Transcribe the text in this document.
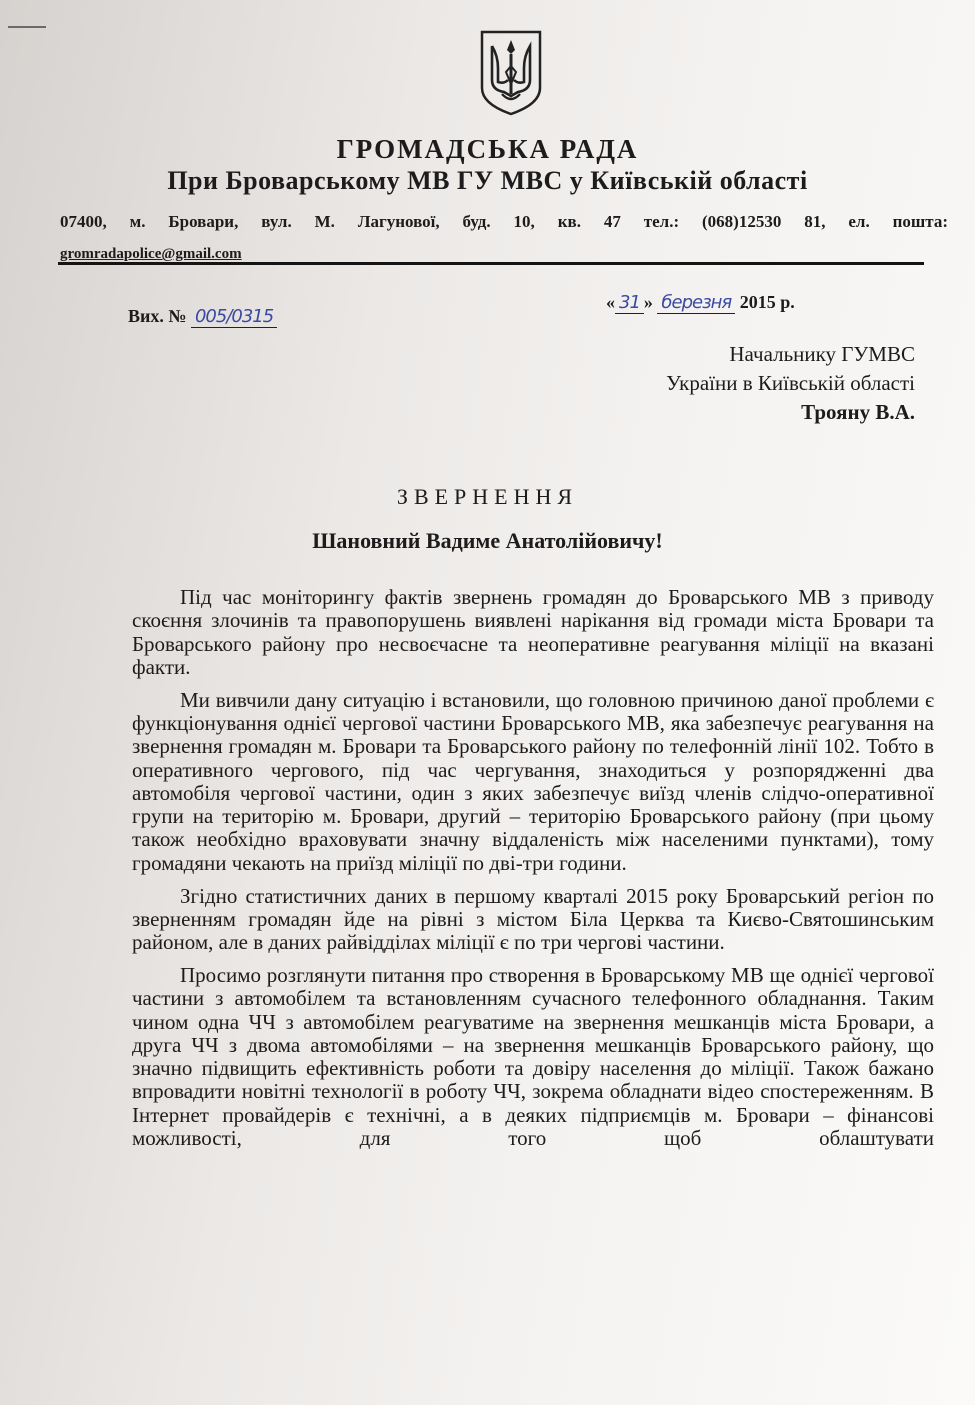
ГРОМАДСЬКА РАДА
При Броварському МВ ГУ МВС у Київській області
07400, м. Бровари, вул. М. Лагунової, буд. 10, кв. 47 тел.: (068)12530 81, ел. пошта:
gromradapolice@gmail.com
Вих. № 005/0315
« 31 » березня 2015 р.
Начальнику ГУМВС
України в Київській області
Трояну В.А.
ЗВЕРНЕННЯ
Шановний Вадиме Анатолійовичу!

Під час моніторингу фактів звернень громадян до Броварського МВ з приводу скоєння злочинів та правопорушень виявлені нарікання від громади міста Бровари та Броварського району про несвоєчасне та неоперативне реагування міліції на вказані факти.

Ми вивчили дану ситуацію і встановили, що головною причиною даної проблеми є функціонування однієї чергової частини Броварського МВ, яка забезпечує реагування на звернення громадян м. Бровари та Броварського району по телефонній лінії 102. Тобто в оперативного чергового, під час чергування, знаходиться у розпорядженні два автомобіля чергової частини, один з яких забезпечує виїзд членів слідчо-оперативної групи на територію м. Бровари, другий – територію Броварського району (при цьому також необхідно враховувати значну віддаленість між населеними пунктами), тому громадяни чекають на приїзд міліції по дві-три години.

Згідно статистичних даних в першому кварталі 2015 року Броварський регіон по зверненням громадян йде на рівні з містом Біла Церква та Києво-Святошинським районом, але в даних райвідділах міліції є по три чергові частини.

Просимо розглянути питання про створення в Броварському МВ ще однієї чергової частини з автомобілем та встановленням сучасного телефонного обладнання. Таким чином одна ЧЧ з автомобілем реагуватиме на звернення мешканців міста Бровари, а друга ЧЧ з двома автомобілями – на звернення мешканців Броварського району, що значно підвищить ефективність роботи та довіру населення до міліції. Також бажано впровадити новітні технології в роботу ЧЧ, зокрема обладнати відео спостереженням. В Інтернет провайдерів є технічні, а в деяких підприємців м. Бровари – фінансові можливості, для того щоб облаштувати
